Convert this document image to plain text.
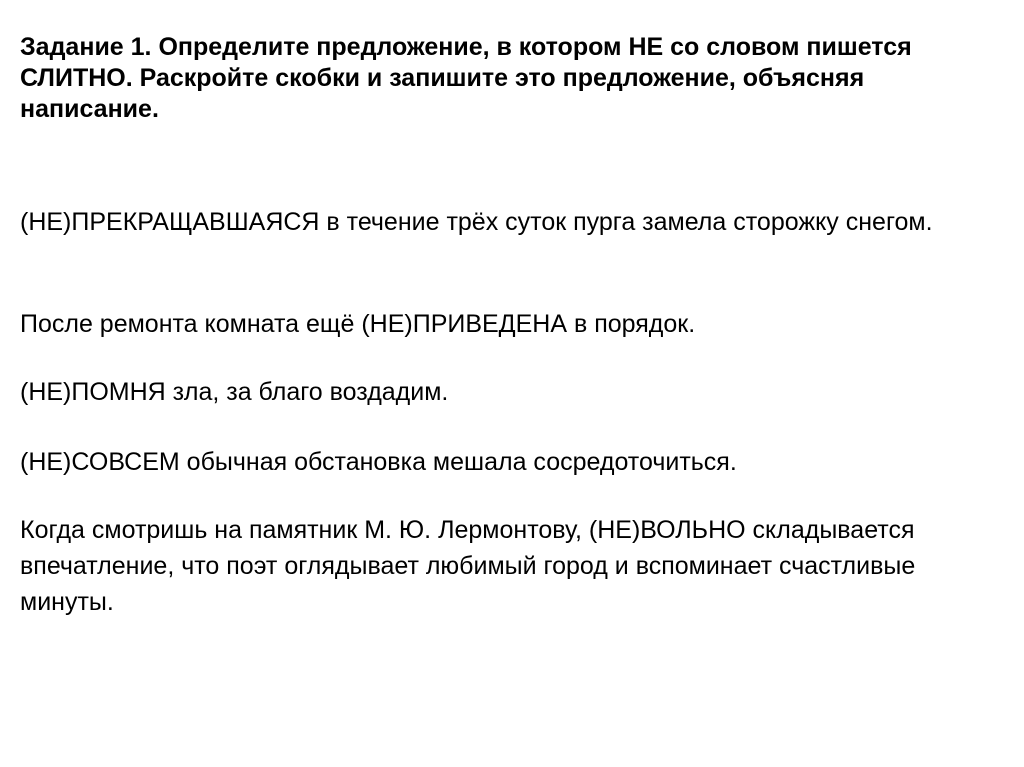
Задание 1. Определите предложение, в котором НЕ со словом пишется СЛИТНО. Раскройте скобки и запишите это предложение, объясняя написание.

(НЕ)ПРЕКРАЩАВШАЯСЯ в течение трёх суток пурга замела сторожку снегом.
После ремонта комната ещё (НЕ)ПРИВЕДЕНА в порядок.
(НЕ)ПОМНЯ зла, за благо воздадим.
(НЕ)СОВСЕМ обычная обстановка мешала сосредоточиться.
Когда смотришь на памятник М. Ю. Лермонтову, (НЕ)ВОЛЬНО складывается впечатление, что поэт оглядывает любимый город и вспоминает счастливые минуты.
